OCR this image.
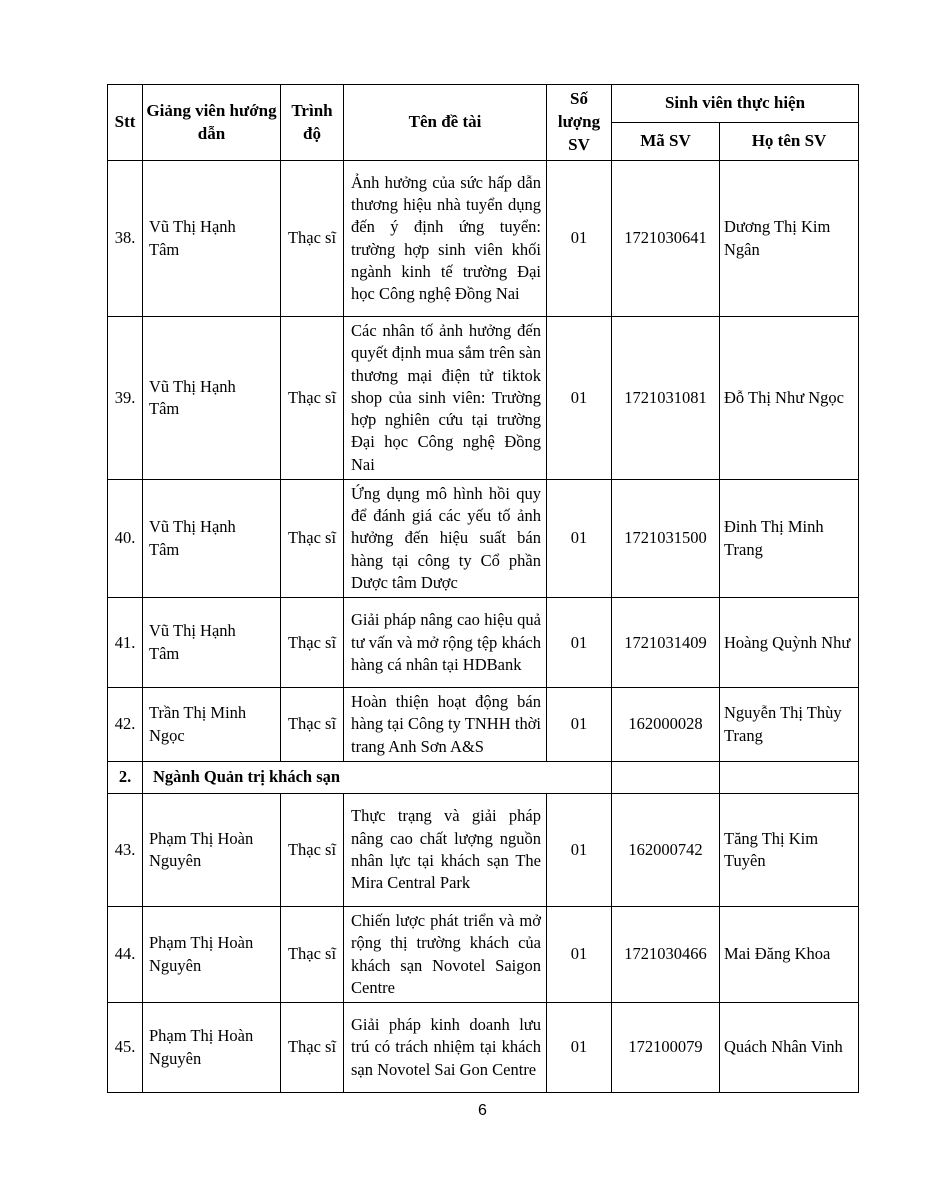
Stt	Giảng viên hướng dẫn	Trình độ	Tên đề tài	Số lượng SV	Sinh viên thực hiện	
					Mã SV	Họ tên SV
38.	Vũ Thị Hạnh Tâm	Thạc sĩ	Ảnh hưởng của sức hấp dẫn thương hiệu nhà tuyển dụng đến ý định ứng tuyển: trường hợp sinh viên khối ngành kinh tế trường Đại học Công nghệ Đồng Nai	01	1721030641	Dương Thị Kim Ngân
39.	Vũ Thị Hạnh Tâm	Thạc sĩ	Các nhân tố ảnh hưởng đến quyết định mua sắm trên sàn thương mại điện tử tiktok shop của sinh viên: Trường hợp nghiên cứu tại trường Đại học Công nghệ Đồng Nai	01	1721031081	Đỗ Thị Như Ngọc
40.	Vũ Thị Hạnh Tâm	Thạc sĩ	Ứng dụng mô hình hồi quy để đánh giá các yếu tố ảnh hưởng đến hiệu suất bán hàng tại công ty Cổ phần Dược tâm Dược	01	1721031500	Đinh Thị Minh Trang
41.	Vũ Thị Hạnh Tâm	Thạc sĩ	Giải pháp nâng cao hiệu quả tư vấn và mở rộng tệp khách hàng cá nhân tại HDBank	01	1721031409	Hoàng Quỳnh Như
42.	Trần Thị Minh Ngọc	Thạc sĩ	Hoàn thiện hoạt động bán hàng tại Công ty TNHH thời trang Anh Sơn A&S	01	162000028	Nguyễn Thị Thùy Trang
2.	Ngành Quản trị khách sạn					
43.	Phạm Thị Hoàn Nguyên	Thạc sĩ	Thực trạng và giải pháp nâng cao chất lượng nguồn nhân lực tại khách sạn The Mira Central Park	01	162000742	Tăng Thị Kim Tuyên
44.	Phạm Thị Hoàn Nguyên	Thạc sĩ	Chiến lược phát triển và mở rộng thị trường khách của khách sạn Novotel Saigon Centre	01	1721030466	Mai Đăng Khoa
45.	Phạm Thị Hoàn Nguyên	Thạc sĩ	Giải pháp kinh doanh lưu trú có trách nhiệm tại khách sạn Novotel Sai Gon Centre	01	172100079	Quách Nhân Vinh
6
